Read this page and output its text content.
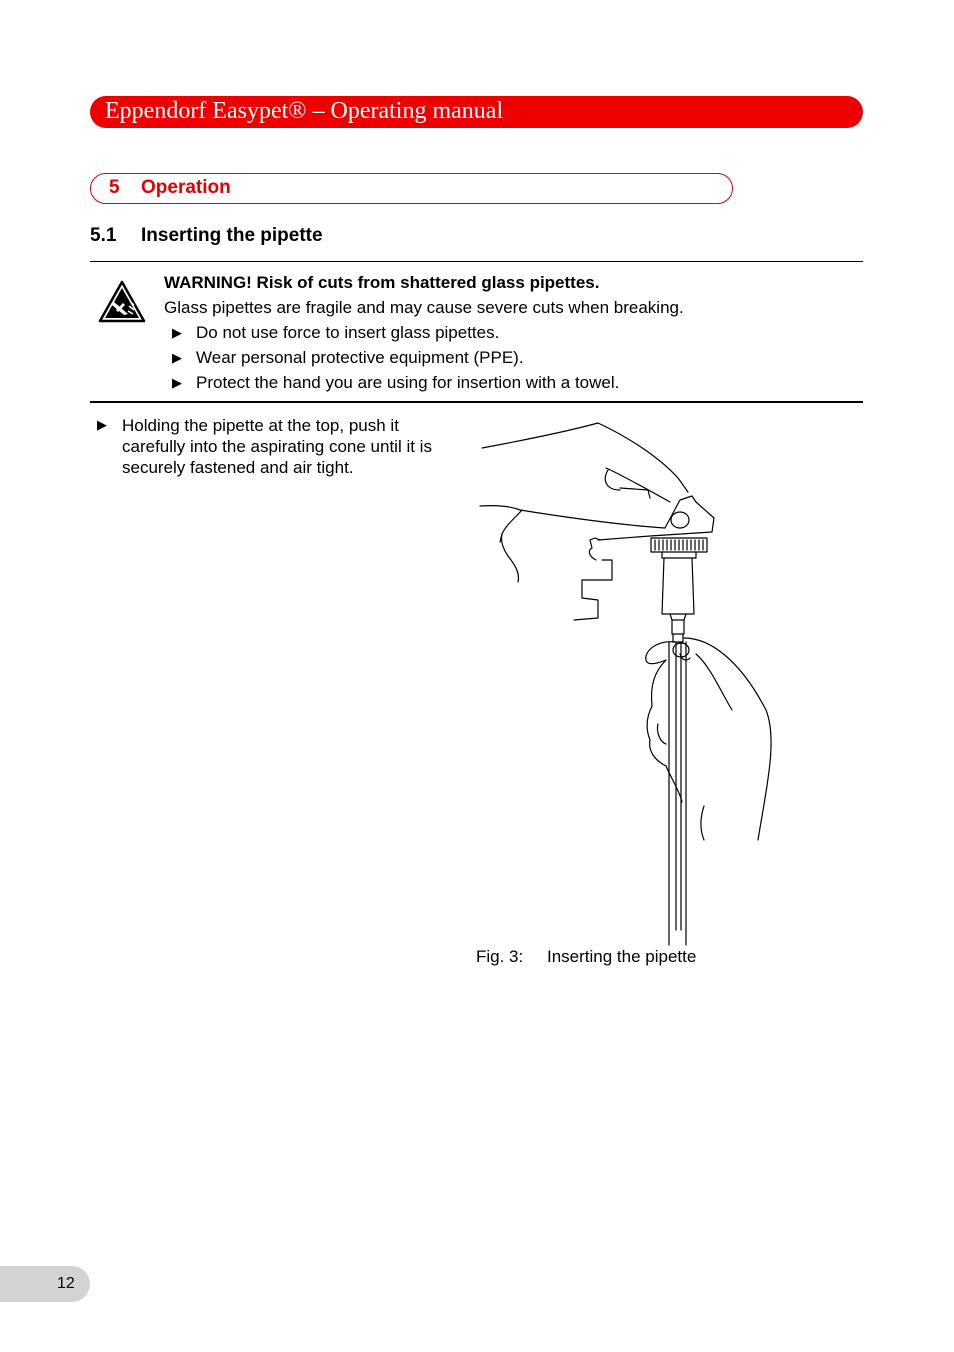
Eppendorf Easypet® – Operating manual
5 Operation
5.1 Inserting the pipette
WARNING! Risk of cuts from shattered glass pipettes.
Glass pipettes are fragile and may cause severe cuts when breaking.
▶ Do not use force to insert glass pipettes.
▶ Wear personal protective equipment (PPE).
▶ Protect the hand you are using for insertion with a towel.
▶ Holding the pipette at the top, push it
carefully into the aspirating cone until it is
securely fastened and air tight.
Fig. 3: Inserting the pipette
12
